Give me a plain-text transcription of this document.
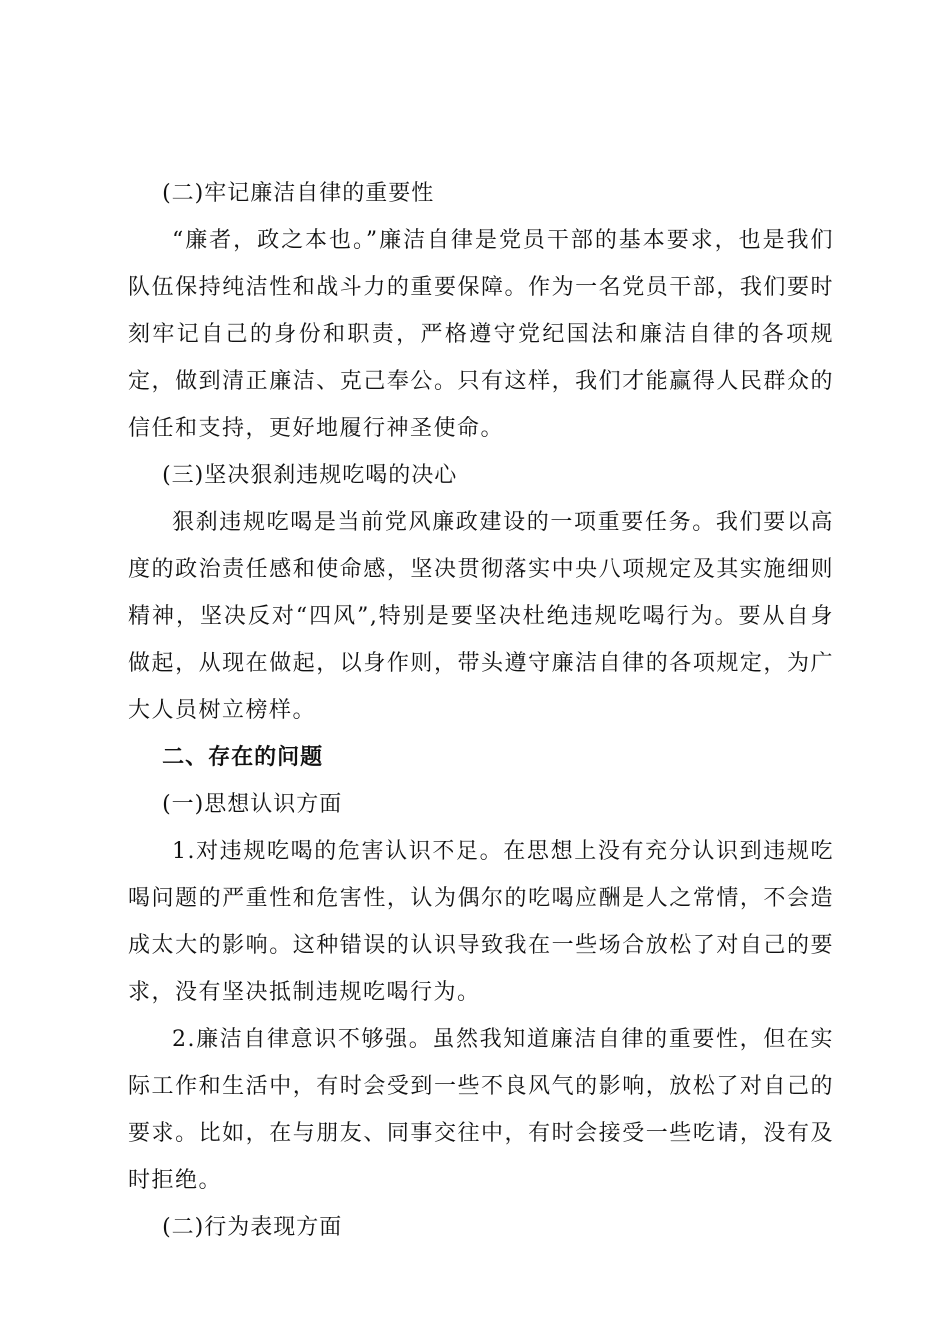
(二)牢记廉洁自律的重要性

“廉者，政之本也。”廉洁自律是党员干部的基本要求，也是我们队伍保持纯洁性和战斗力的重要保障。作为一名党员干部，我们要时刻牢记自己的身份和职责，严格遵守党纪国法和廉洁自律的各项规定，做到清正廉洁、克己奉公。只有这样，我们才能赢得人民群众的信任和支持，更好地履行神圣使命。

(三)坚决狠刹违规吃喝的决心

狠刹违规吃喝是当前党风廉政建设的一项重要任务。我们要以高度的政治责任感和使命感，坚决贯彻落实中央八项规定及其实施细则精神，坚决反对“四风”,特别是要坚决杜绝违规吃喝行为。要从自身做起，从现在做起，以身作则，带头遵守廉洁自律的各项规定，为广大人员树立榜样。

二、存在的问题

(一)思想认识方面

1.对违规吃喝的危害认识不足。在思想上没有充分认识到违规吃喝问题的严重性和危害性，认为偶尔的吃喝应酬是人之常情，不会造成太大的影响。这种错误的认识导致我在一些场合放松了对自己的要求，没有坚决抵制违规吃喝行为。

2.廉洁自律意识不够强。虽然我知道廉洁自律的重要性，但在实际工作和生活中，有时会受到一些不良风气的影响，放松了对自己的要求。比如，在与朋友、同事交往中，有时会接受一些吃请，没有及时拒绝。

(二)行为表现方面
